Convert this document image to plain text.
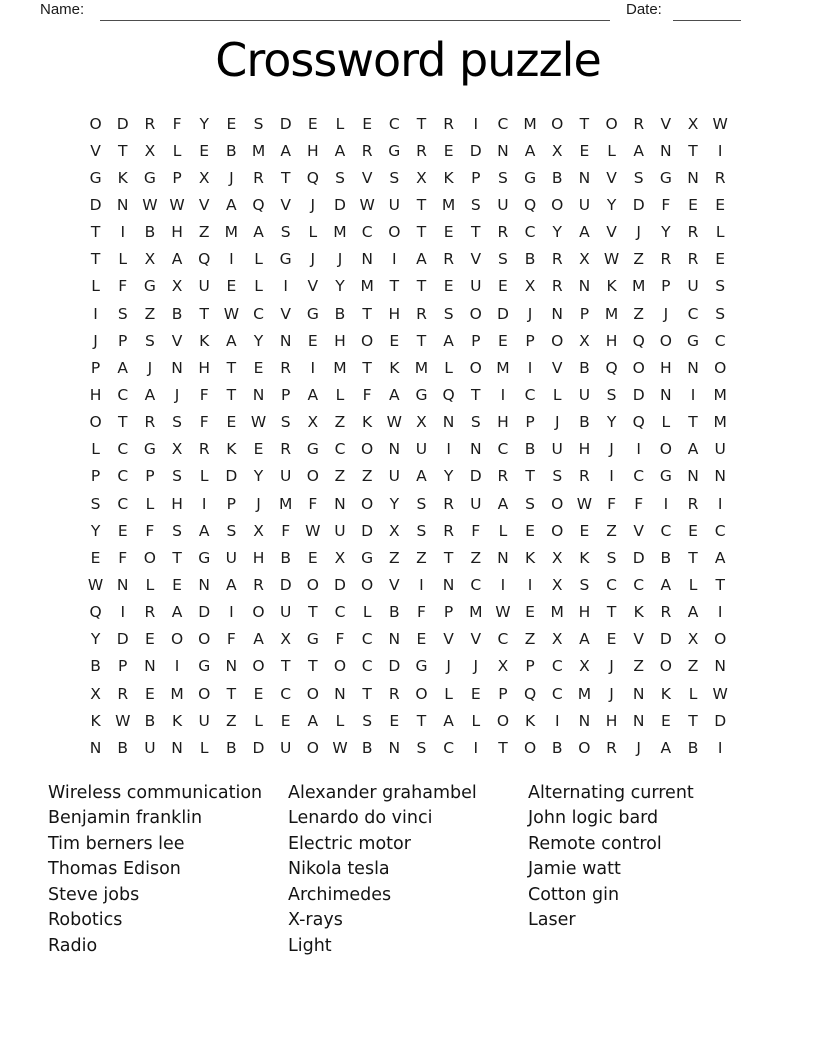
Name:	Date:
Crossword puzzle
O D	R	F	Y	E	S	D	E	L	E	C	T	R	I	C M O	T	O	R	V	X W
V	T	X	L	E	B M A	H	A	R	G	R	E	D N	A	X	E	L	A	N	T	I
G	K	G	P	X	J	R	T	Q	S	V	S	X	K	P	S	G	B	N	V	S	G N	R
D N W W V	A	Q	V	J	D W U	T	M	S	U Q O U	Y	D	F	E	E
T	I	B	H	Z M A	S	L	M C	O	T	E	T	R	C	Y	A	V	J	Y	R	L
T	L	X	A	Q	I	L	G	J	J	N	I	A	R	V	S	B	R	X W Z	R	R	E
L	F	G	X	U	E	L	I	V	Y	M	T	T	E	U	E	X	R	N	K M	P	U	S
I	S	Z	B	T W C	V	G	B	T	H	R	S	O D	J	N	P	M Z	J	C	S
J	P	S	V	K	A	Y	N	E	H O	E	T	A	P	E	P	O	X	H Q O G	C
P	A	J	N	H	T	E	R	I	M	T	K M	L	O M	I	V	B	Q O H	N O
H	C	A	J	F	T	N	P	A	L	F	A	G Q	T	I	C	L	U	S	D N	I	M
O	T	R	S	F	E W S	X	Z	K W X	N	S	H	P	J	B	Y	Q	L	T	M
L	C	G	X	R	K	E	R	G	C	O N	U	I	N	C	B	U	H	J	I	O	A	U
P	C	P	S	L	D	Y	U O	Z	Z	U	A	Y	D	R	T	S	R	I	C	G N	N
S	C	L	H	I	P	J	M	F	N O	Y	S	R	U	A	S	O W F	F	I	R	I
Y	E	F	S	A	S	X	F W U	D	X	S	R	F	L	E	O	E	Z	V	C	E	C
E	F	O	T	G U	H	B	E	X	G	Z	Z	T	Z	N	K	X	K	S	D	B	T	A
W N	L	E	N	A	R	D O D O	V	I	N	C	I	I	X	S	C	C	A	L	T
Q	I	R	A	D	I	O U	T	C	L	B	F	P	M W E	M H	T	K	R	A	I
Y	D	E	O O	F	A	X	G	F	C	N	E	V	V	C	Z	X	A	E	V	D	X	O
B	P	N	I	G N O	T	T	O	C	D G	J	J	X	P	C	X	J	Z	O	Z	N
X	R	E	M O	T	E	C	O N	T	R	O	L	E	P	Q	C M	J	N	K	L W
K W B	K	U	Z	L	E	A	L	S	E	T	A	L	O	K	I	N	H	N	E	T	D
N	B	U	N	L	B	D	U O W B	N	S	C	I	T	O	B	O	R	J	A	B	I
Wireless communication
Benjamin franklin
Tim berners lee
Thomas Edison
Steve jobs
Robotics
Radio
Alexander grahambel
Lenardo do vinci
Electric motor
Nikola tesla
Archimedes
X-rays
Light
Alternating current
John logic bard
Remote control
Jamie watt
Cotton gin
Laser
